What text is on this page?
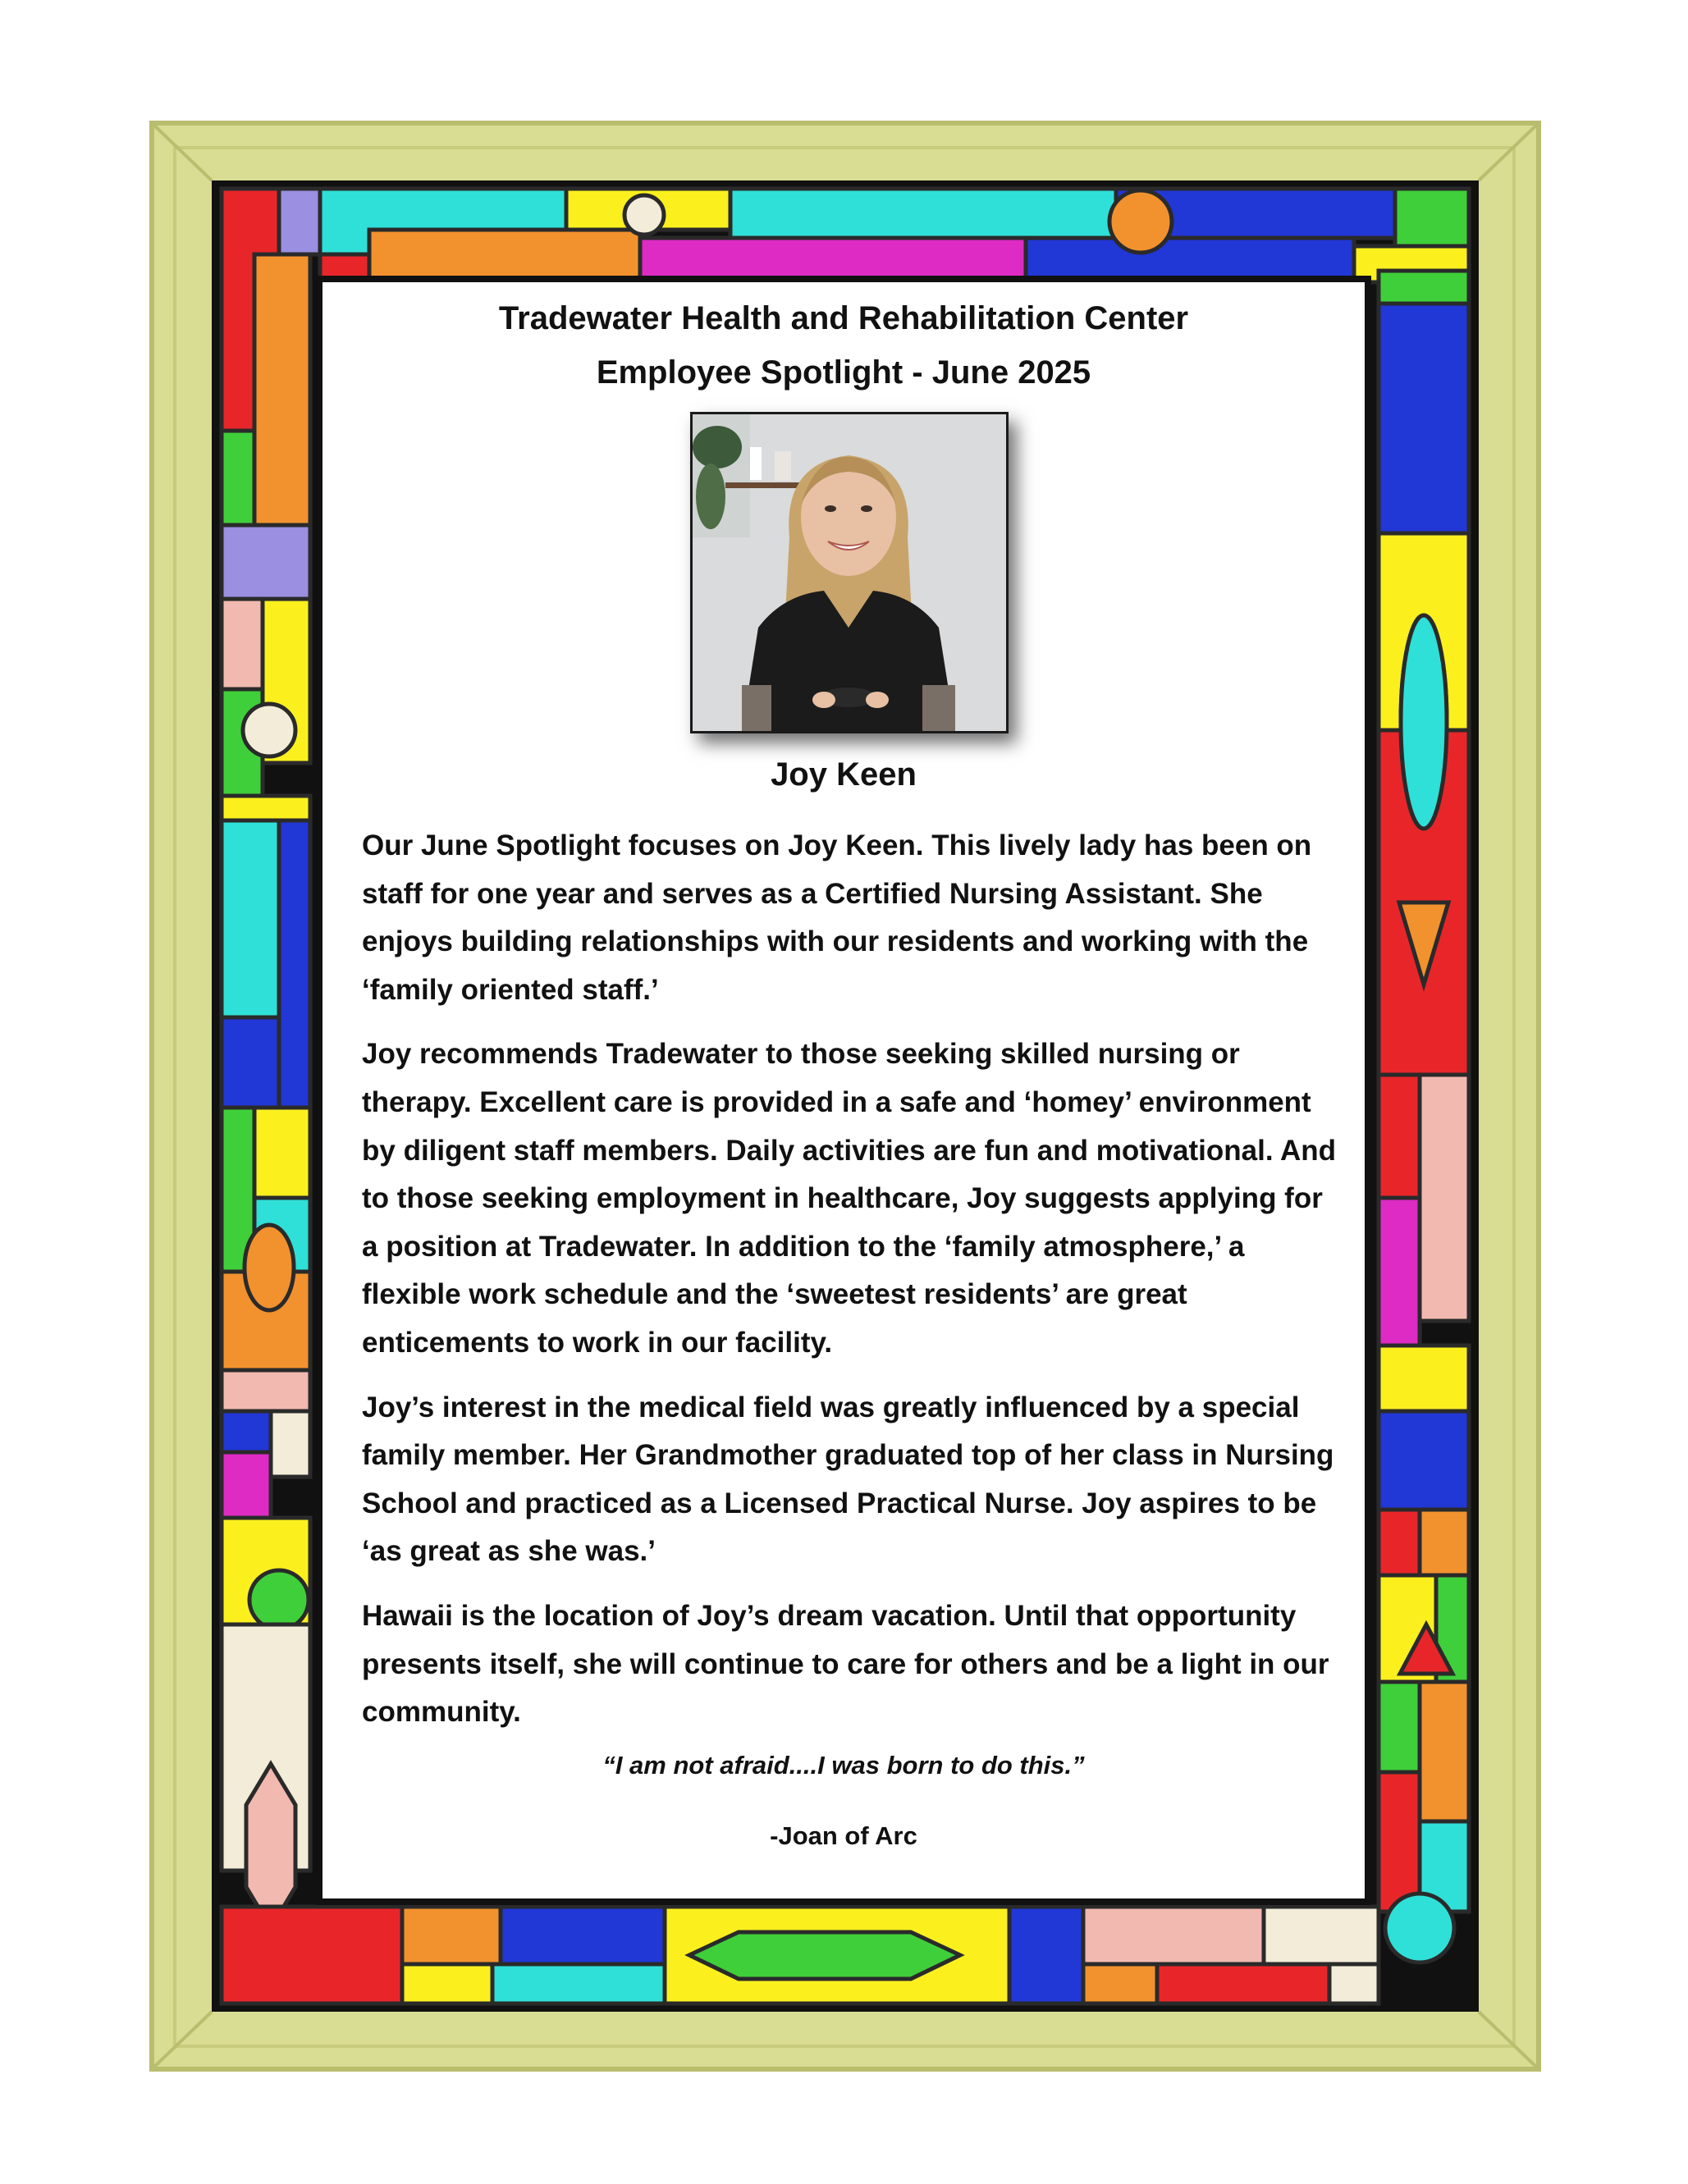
Tradewater Health and Rehabilitation Center
Employee Spotlight - June 2025
Joy Keen

Our June Spotlight focuses on Joy Keen. This lively lady has been on staff for one year and serves as a Certified Nursing Assistant. She enjoys building relationships with our residents and working with the ‘family oriented staff.’

Joy recommends Tradewater to those seeking skilled nursing or therapy. Excellent care is provided in a safe and ‘homey’ environment by diligent staff members. Daily activities are fun and motivational. And to those seeking employment in healthcare, Joy suggests applying for a position at Tradewater. In addition to the ‘family atmosphere,’ a flexible work schedule and the ‘sweetest residents’ are great enticements to work in our facility.

Joy’s interest in the medical field was greatly influenced by a special family member. Her Grandmother graduated top of her class in Nursing School and practiced as a Licensed Practical Nurse. Joy aspires to be ‘as great as she was.’

Hawaii is the location of Joy’s dream vacation. Until that opportunity presents itself, she will continue to care for others and be a light in our community.

“I am not afraid....I was born to do this.”
-Joan of Arc
